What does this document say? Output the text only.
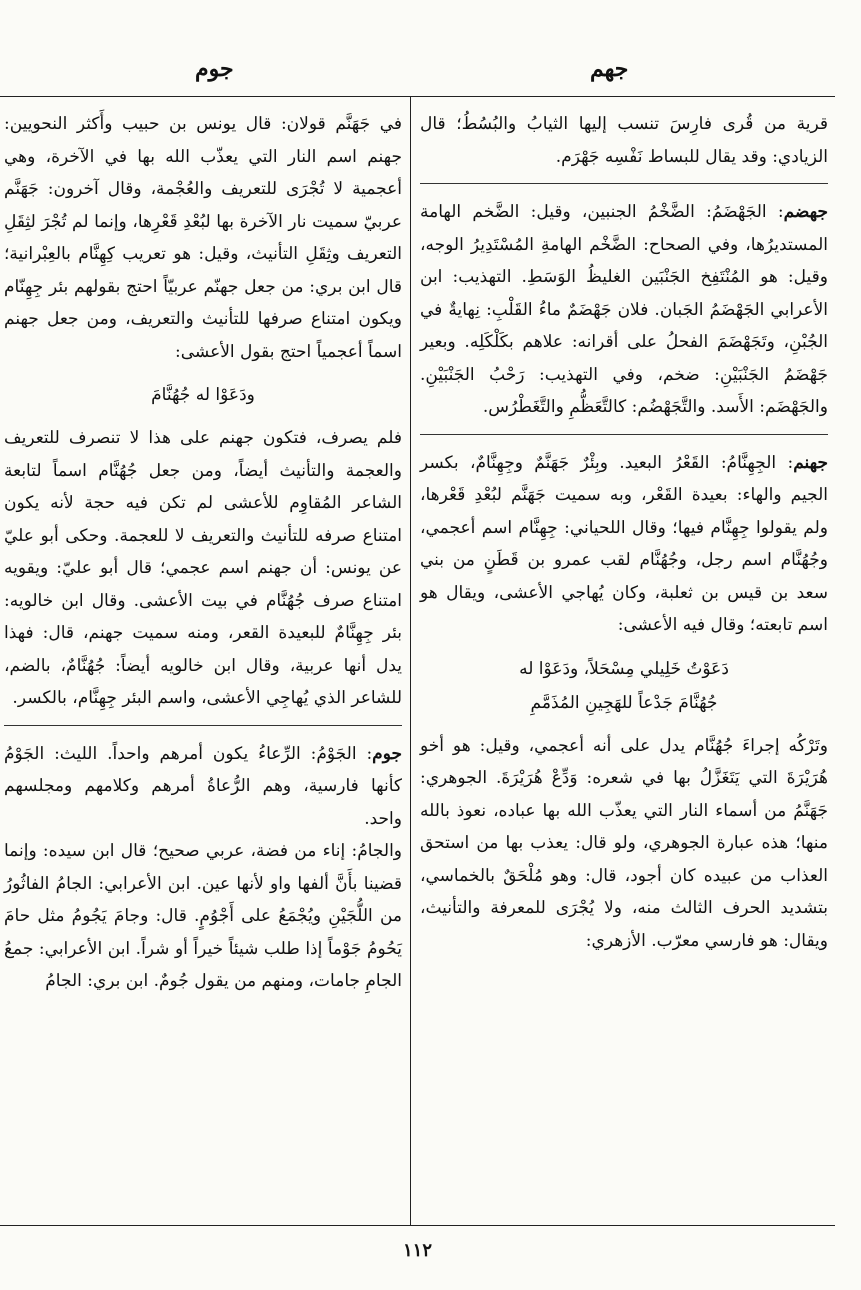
جهم
جوم

قرية من قُرى فارِسَ تنسب إليها الثيابُ والبُسُطُ؛ قال الزيادي: وقد يقال للبساط نَفْسِه جَهْرَم.

جهضم: الجَهْضَمُ: الضَّخْمُ الجنبين، وقيل: الضَّخم الهامة المستديرُها، وفي الصحاح: الضَّخْم الهامةِ المُسْتَدِيرُ الوجه، وقيل: هو المُنْتَفِخ الجَنْبَين الغليظُ الوَسَطِ. التهذيب: ابن الأعرابي الجَهْضَمُ الجَبان. فلان جَهْضَمٌ ماءُ القَلْبِ: نِهايةٌ في الجُبْنِ، وتَجَهْضَمَ الفحلُ على أقرانه: علاهم بكَلْكَلِه. وبعير جَهْضَمُ الجَنْبَيْنِ: ضخم، وفي التهذيب: رَحْبُ الجَنْبَيْنِ. والجَهْضَم: الأَسد. والتَّجَهْضُم: كالتَّعَظُّمِ والتَّغَطْرُس.

جهنم: الجِهِنَّامُ: القَعْرُ البعيد. وبِئْرٌ جَهَنَّمٌ وجِهِنَّامٌ، بكسر الجيم والهاء: بعيدة القَعْر، وبه سميت جَهَنَّم لبُعْدِ قَعْرها، ولم يقولوا جِهِنَّام فيها؛ وقال اللحياني: جِهِنَّام اسم أعجمي، وجُهُنَّام اسم رجل، وجُهُنَّام لقب عمرو بن قَطَنٍ من بني سعد بن قيس بن ثعلبة، وكان يُهاجي الأعشى، ويقال هو اسم تابعته؛ وقال فيه الأعشى:

دَعَوْتُ خَلِيلي مِسْحَلاً، ودَعَوْا له
جُهُنَّامَ جَدْعاً للهَجِينِ المُذَمَّمِ

وتَرْكُه إجراءَ جُهُنَّام يدل على أنه أعجمي، وقيل: هو أخو هُرَيْرَةَ التي يَتَغَزَّلُ بها في شعره: وَدِّعْ هُرَيْرَةَ. الجوهري: جَهَنَّمُ من أسماء النار التي يعذّب الله بها عباده، نعوذ بالله منها؛ هذه عبارة الجوهري، ولو قال: يعذب بها من استحق العذاب من عبيده كان أجود، قال: وهو مُلْحَقٌ بالخماسي، بتشديد الحرف الثالث منه، ولا يُجْرَى للمعرفة والتأنيث، ويقال: هو فارسي معرّب. الأزهري:

في جَهَنَّم قولان: قال يونس بن حبيب وأَكثر النحويين: جهنم اسم النار التي يعذّب الله بها في الآخرة، وهي أعجمية لا تُجْرَى للتعريف والعُجْمة، وقال آخرون: جَهَنَّم عربيّ سميت نار الآخرة بها لبُعْدِ قَعْرِها، وإنما لم تُجْرَ لثِقَلِ التعريف وثِقَلِ التأنيث، وقيل: هو تعريب كِهِنَّام بالعِبْرانية؛ قال ابن بري: من جعل جهنّم عربيّاً احتج بقولهم بئر جِهِنّام ويكون امتناع صرفها للتأنيث والتعريف، ومن جعل جهنم اسماً أعجمياً احتج بقول الأعشى:

ودَعَوْا له جُهُنَّامَ

فلم يصرف، فتكون جهنم على هذا لا تنصرف للتعريف والعجمة والتأنيث أيضاً، ومن جعل جُهُنَّام اسماً لتابعة الشاعر المُقاوِم للأعشى لم تكن فيه حجة لأنه يكون امتناع صرفه للتأنيث والتعريف لا للعجمة. وحكى أبو عليّ عن يونس: أن جهنم اسم عجمي؛ قال أبو عليّ: ويقويه امتناع صرف جُهُنَّام في بيت الأعشى. وقال ابن خالويه: بئر جِهِنَّامٌ للبعيدة القعر، ومنه سميت جهنم، قال: فهذا يدل أنها عربية، وقال ابن خالويه أيضاً: جُهُنَّامٌ، بالضم، للشاعر الذي يُهاجِي الأعشى، واسم البئر جِهِنَّام، بالكسر.

جوم: الجَوْمُ: الرِّعاءُ يكون أمرهم واحداً. الليث: الجَوْمُ كأنها فارسية، وهم الرُّعاةُ أمرهم وكلامهم ومجلسهم واحد.

والجامُ: إناء من فضة، عربي صحيح؛ قال ابن سيده: وإنما قضينا بأَنَّ ألفها واو لأنها عين. ابن الأعرابي: الجامُ الفاثُورُ من اللُّجَيْنِ ويُجْمَعُ على أَجْوُمٍ. قال: وجامَ يَجُومُ مثل حامَ يَحُومُ جَوْماً إذا طلب شيئاً خيراً أو شراً. ابن الأعرابي: جمعُ الجامِ جامات، ومنهم من يقول جُومٌ. ابن بري: الجامُ

١١٢
